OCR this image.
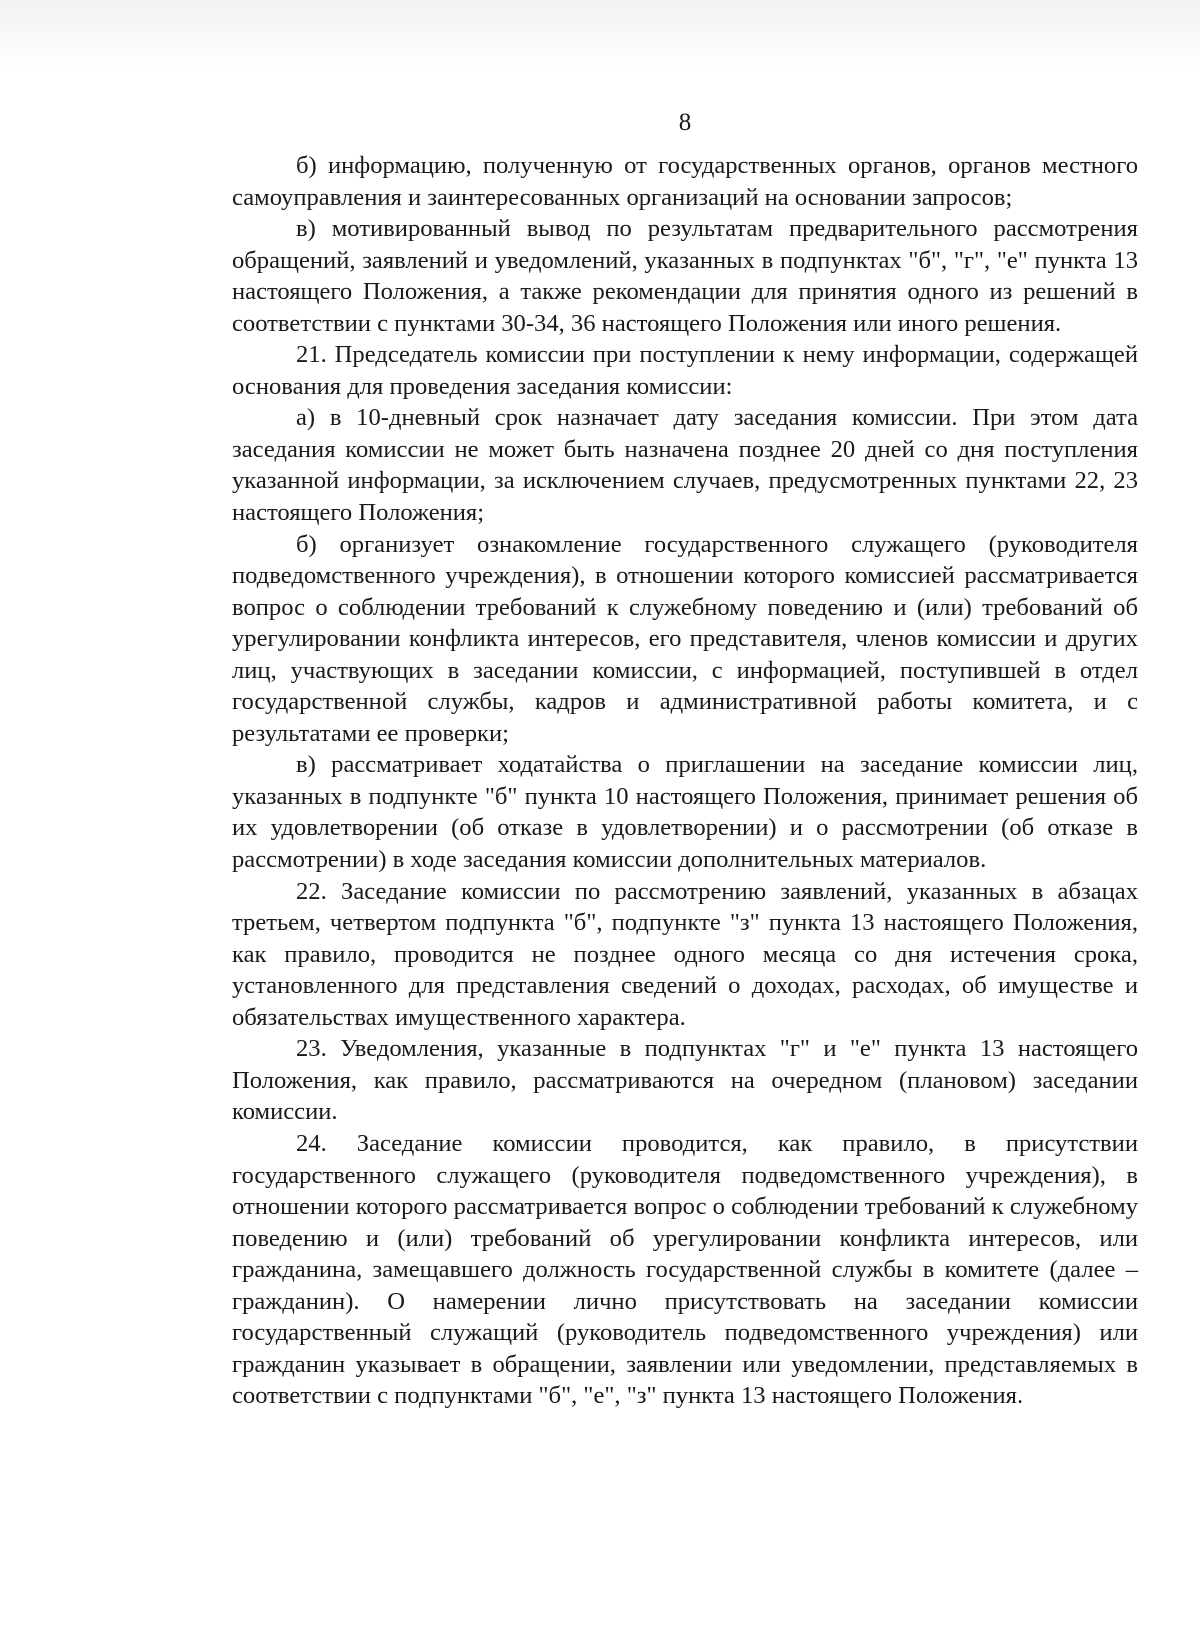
8

б) информацию, полученную от государственных органов, органов местного самоуправления и заинтересованных организаций на основании запросов;

в) мотивированный вывод по результатам предварительного рассмотрения обращений, заявлений и уведомлений, указанных в подпунктах "б", "г", "е" пункта 13 настоящего Положения, а также рекомендации для принятия одного из решений в соответствии с пунктами 30-34, 36 настоящего Положения или иного решения.

21. Председатель комиссии при поступлении к нему информации, содержащей основания для проведения заседания комиссии:

а) в 10-дневный срок назначает дату заседания комиссии. При этом дата заседания комиссии не может быть назначена позднее 20 дней со дня поступления указанной информации, за исключением случаев, предусмотренных пунктами 22, 23 настоящего Положения;

б) организует ознакомление государственного служащего (руководителя подведомственного учреждения), в отношении которого комиссией рассматривается вопрос о соблюдении требований к служебному поведению и (или) требований об урегулировании конфликта интересов, его представителя, членов комиссии и других лиц, участвующих в заседании комиссии, с информацией, поступившей в отдел государственной службы, кадров и административной работы комитета, и с результатами ее проверки;

в) рассматривает ходатайства о приглашении на заседание комиссии лиц, указанных в подпункте "б" пункта 10 настоящего Положения, принимает решения об их удовлетворении (об отказе в удовлетворении) и о рассмотрении (об отказе в рассмотрении) в ходе заседания комиссии дополнительных материалов.

22. Заседание комиссии по рассмотрению заявлений, указанных в абзацах третьем, четвертом подпункта "б", подпункте "з" пункта 13 настоящего Положения, как правило, проводится не позднее одного месяца со дня истечения срока, установленного для представления сведений о доходах, расходах, об имуществе и обязательствах имущественного характера.

23. Уведомления, указанные в подпунктах "г" и "е" пункта 13 настоящего Положения, как правило, рассматриваются на очередном (плановом) заседании комиссии.

24. Заседание комиссии проводится, как правило, в присутствии государственного служащего (руководителя подведомственного учреждения), в отношении которого рассматривается вопрос о соблюдении требований к служебному поведению и (или) требований об урегулировании конфликта интересов, или гражданина, замещавшего должность государственной службы в комитете (далее – гражданин). О намерении лично присутствовать на заседании комиссии государственный служащий (руководитель подведомственного учреждения) или гражданин указывает в обращении, заявлении или уведомлении, представляемых в соответствии с подпунктами "б", "е", "з" пункта 13 настоящего Положения.
